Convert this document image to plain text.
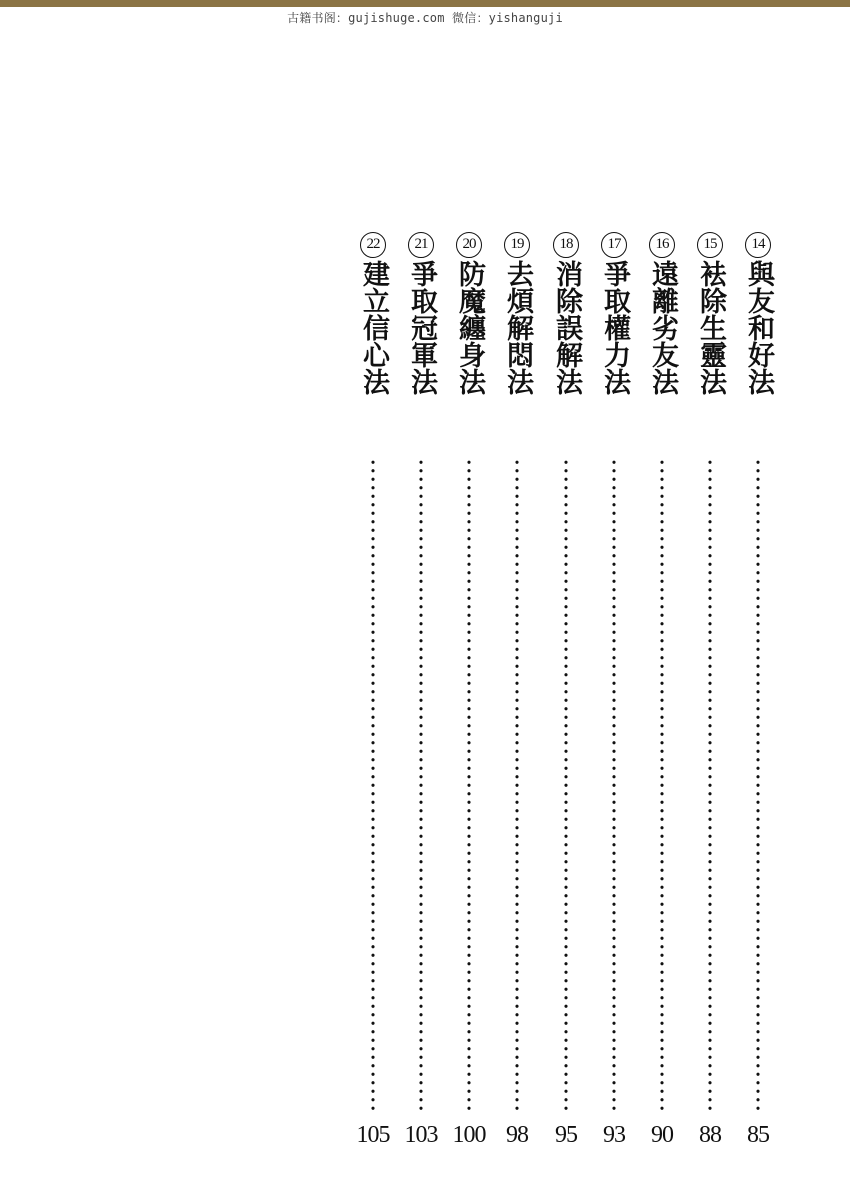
古籍书阁：gujishuge.com 微信：yishanguji
14
與友和好法
85
15
袪除生靈法
88
16
遠離劣友法
90
17
爭取權力法
93
18
消除誤解法
95
19
去煩解悶法
98
20
防魔纏身法
100
21
爭取冠軍法
103
22
建立信心法
105
